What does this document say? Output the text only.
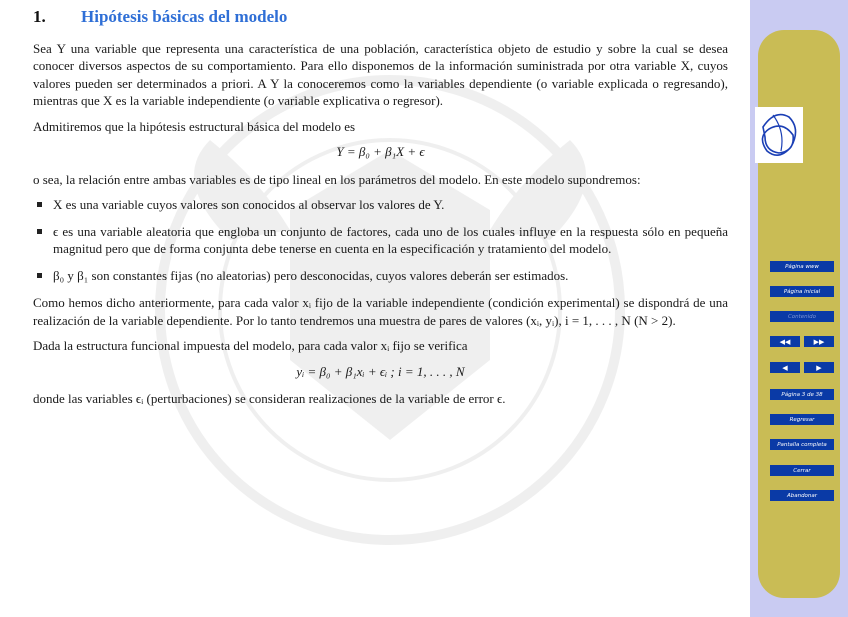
1.	Hipótesis básicas del modelo

Sea Y una variable que representa una característica de una población, característica objeto de estudio y sobre la cual se desea conocer diversos aspectos de su comportamiento. Para ello disponemos de la información suministrada por otra variable X, cuyos valores pueden ser determinados a priori. A Y la conoceremos como la variables dependiente (o variable explicada o regresando), mientras que X es la variable independiente (o variable explicativa o regresor).

Admitiremos que la hipótesis estructural básica del modelo es

Y = β₀ + β₁X + ϵ

o sea, la relación entre ambas variables es de tipo lineal en los parámetros del modelo. En este modelo supondremos:

X es una variable cuyos valores son conocidos al observar los valores de Y.
ϵ es una variable aleatoria que engloba un conjunto de factores, cada uno de los cuales influye en la respuesta sólo en pequeña magnitud pero que de forma conjunta debe tenerse en cuenta en la especificación y tratamiento del modelo.
β₀ y β₁ son constantes fijas (no aleatorias) pero desconocidas, cuyos valores deberán ser estimados.

Como hemos dicho anteriormente, para cada valor xᵢ fijo de la variable independiente (condición experimental) se dispondrá de una realización de la variable dependiente. Por lo tanto tendremos una muestra de pares de valores (xᵢ, yᵢ), i = 1, . . . , N (N > 2).

Dada la estructura funcional impuesta del modelo, para cada valor xᵢ fijo se verifica

yᵢ = β₀ + β₁xᵢ + ϵᵢ ; i = 1, . . . , N

donde las variables ϵᵢ (perturbaciones) se consideran realizaciones de la variable de error ϵ.

Página www
Página inicial
Contenido
◀◀	▶▶
◀	▶
Página 3 de 38
Regresar
Pantalla completa
Cerrar
Abandonar
